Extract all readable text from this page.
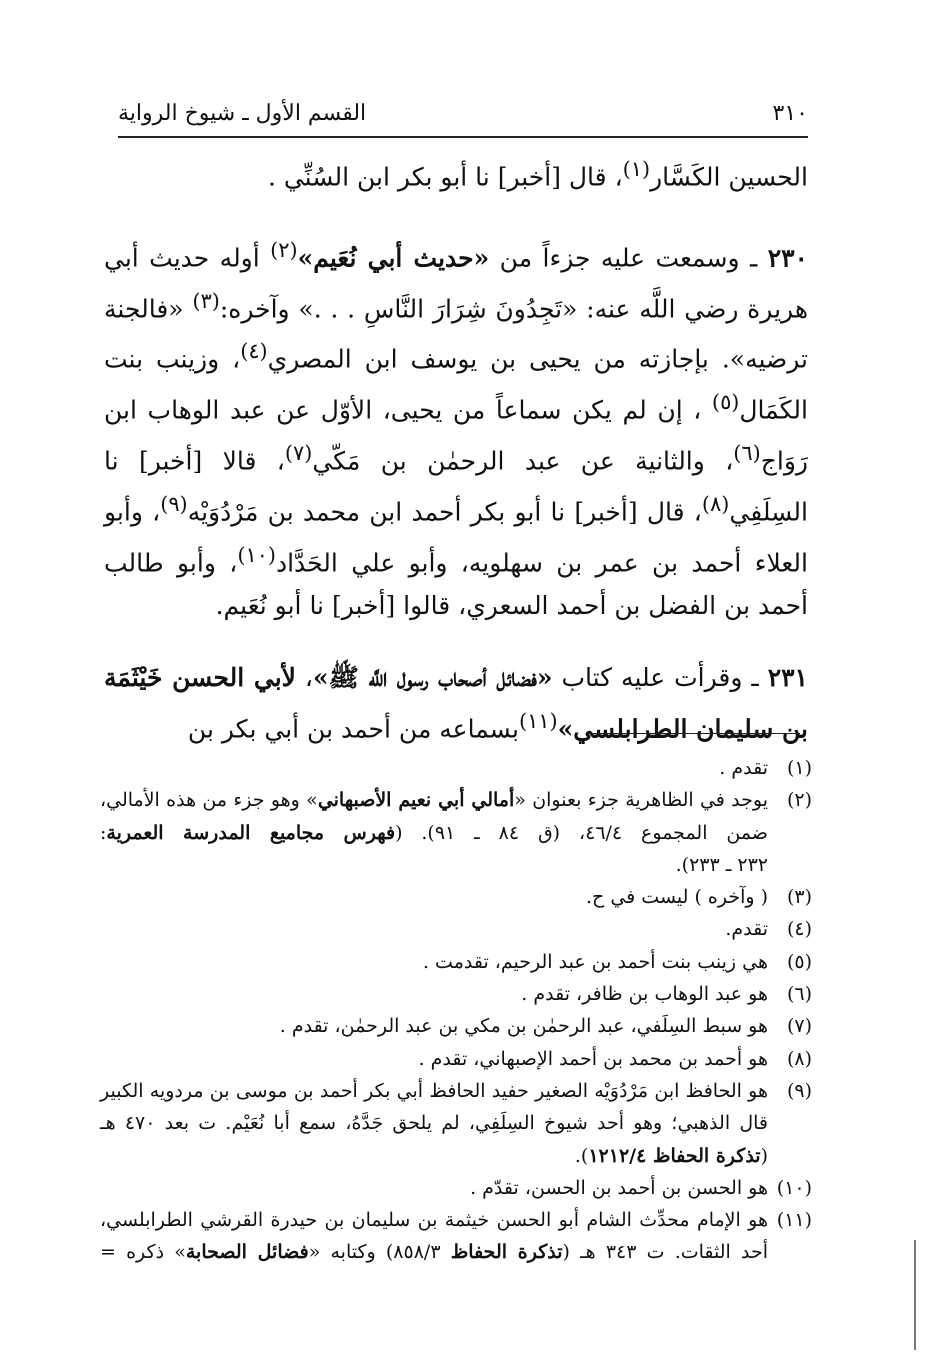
٣١٠
القسم الأول ـ شيوخ الرواية

الحسين الكَسَّار$^{(١)}$، قال [أخبر] نا أبو بكر ابن السُنِّي .

٢٣٠ ـ وسمعت عليه جزءاً من «حديث أبي نُعَيم»$^{(٢)}$ أوله حديث أبي هريرة رضي اللَّه عنه: «تَجِدُونَ شِرَارَ النَّاسِ . . .» وآخره:$^{(٣)}$ «فالجنة ترضيه». بإجازته من يحيى بن يوسف ابن المصري$^{(٤)}$، وزينب بنت الكَمَال$^{(٥)}$ ، إن لم يكن سماعاً من يحيى، الأوّل عن عبد الوهاب ابن رَوَاج$^{(٦)}$، والثانية عن عبد الرحمٰن بن مَكّي$^{(٧)}$، قالا [أخبر] نا السِلَفِي$^{(٨)}$، قال [أخبر] نا أبو بكر أحمد ابن محمد بن مَرْدُوَيْه$^{(٩)}$، وأبو العلاء أحمد بن عمر بن سهلويه، وأبو علي الحَدَّاد$^{(١٠)}$، وأبو طالب أحمد بن الفضل بن أحمد السعري، قالوا [أخبر] نا أبو نُعَيم.

٢٣١ ـ وقرأت عليه كتاب «فضائل أصحاب رسول اللَّه ﷺ»، لأبي الحسن خَيْثَمَة بن سليمان الطرابلسي»$^{(١١)}$بسماعه من أحمد بن أبي بكر بن

(١)
تقدم .
(٢)
يوجد في الظاهرية جزء بعنوان «أمالي أبي نعيم الأصبهاني» وهو جزء من هذه الأمالي،
ضمن المجموع ٤٦/٤، (ق ٨٤ ـ ٩١). (فهرس مجاميع المدرسة العمرية:
٢٣٢ ـ ٢٣٣).
(٣)
( وآخره ) ليست في ح.
(٤)
تقدم.
(٥)
هي زينب بنت أحمد بن عبد الرحيم، تقدمت .
(٦)
هو عبد الوهاب بن ظافر، تقدم .
(٧)
هو سبط السِلَفي، عبد الرحمٰن بن مكي بن عبد الرحمٰن، تقدم .
(٨)
هو أحمد بن محمد بن أحمد الإصبهاني، تقدم .
(٩)
هو الحافظ ابن مَرْدُوَيْه الصغير حفيد الحافظ أبي بكر أحمد بن موسى بن مردويه الكبير
قال الذهبي؛ وهو أحد شيوخ السِلَفِي، لم يلحق جَدَّهُ، سمع أبا نُعَيْم. ت بعد ٤٧٠ هـ
(تذكرة الحفاظ ١٢١٢/٤).
(١٠)
هو الحسن بن أحمد بن الحسن، تقدّم .
(١١)
هو الإمام محدِّث الشام أبو الحسن خيثمة بن سليمان بن حيدرة القرشي الطرابلسي،
أحد الثقات. ت ٣٤٣ هـ (تذكرة الحفاظ ٨٥٨/٣) وكتابه «فضائل الصحابة» ذكره =
